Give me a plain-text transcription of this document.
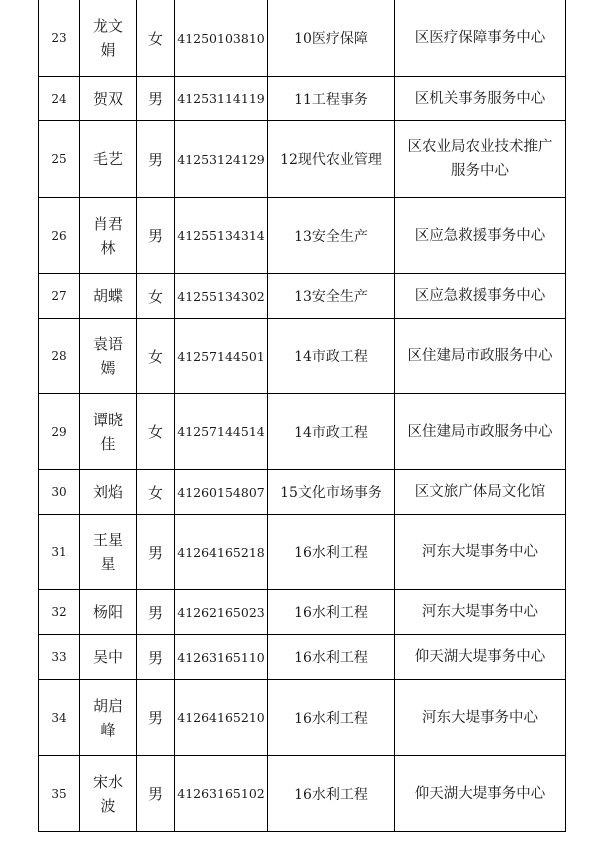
23	龙文娟	女	41250103810	10医疗保障	区医疗保障事务中心
24	贺双	男	41253114119	11工程事务	区机关事务服务中心
25	毛艺	男	41253124129	12现代农业管理	区农业局农业技术推广服务中心
26	肖君林	男	41255134314	13安全生产	区应急救援事务中心
27	胡蝶	女	41255134302	13安全生产	区应急救援事务中心
28	袁语嫣	女	41257144501	14市政工程	区住建局市政服务中心
29	谭晓佳	女	41257144514	14市政工程	区住建局市政服务中心
30	刘焰	女	41260154807	15文化市场事务	区文旅广体局文化馆
31	王星星	男	41264165218	16水利工程	河东大堤事务中心
32	杨阳	男	41262165023	16水利工程	河东大堤事务中心
33	吴中	男	41263165110	16水利工程	仰天湖大堤事务中心
34	胡启峰	男	41264165210	16水利工程	河东大堤事务中心
35	宋水波	男	41263165102	16水利工程	仰天湖大堤事务中心
